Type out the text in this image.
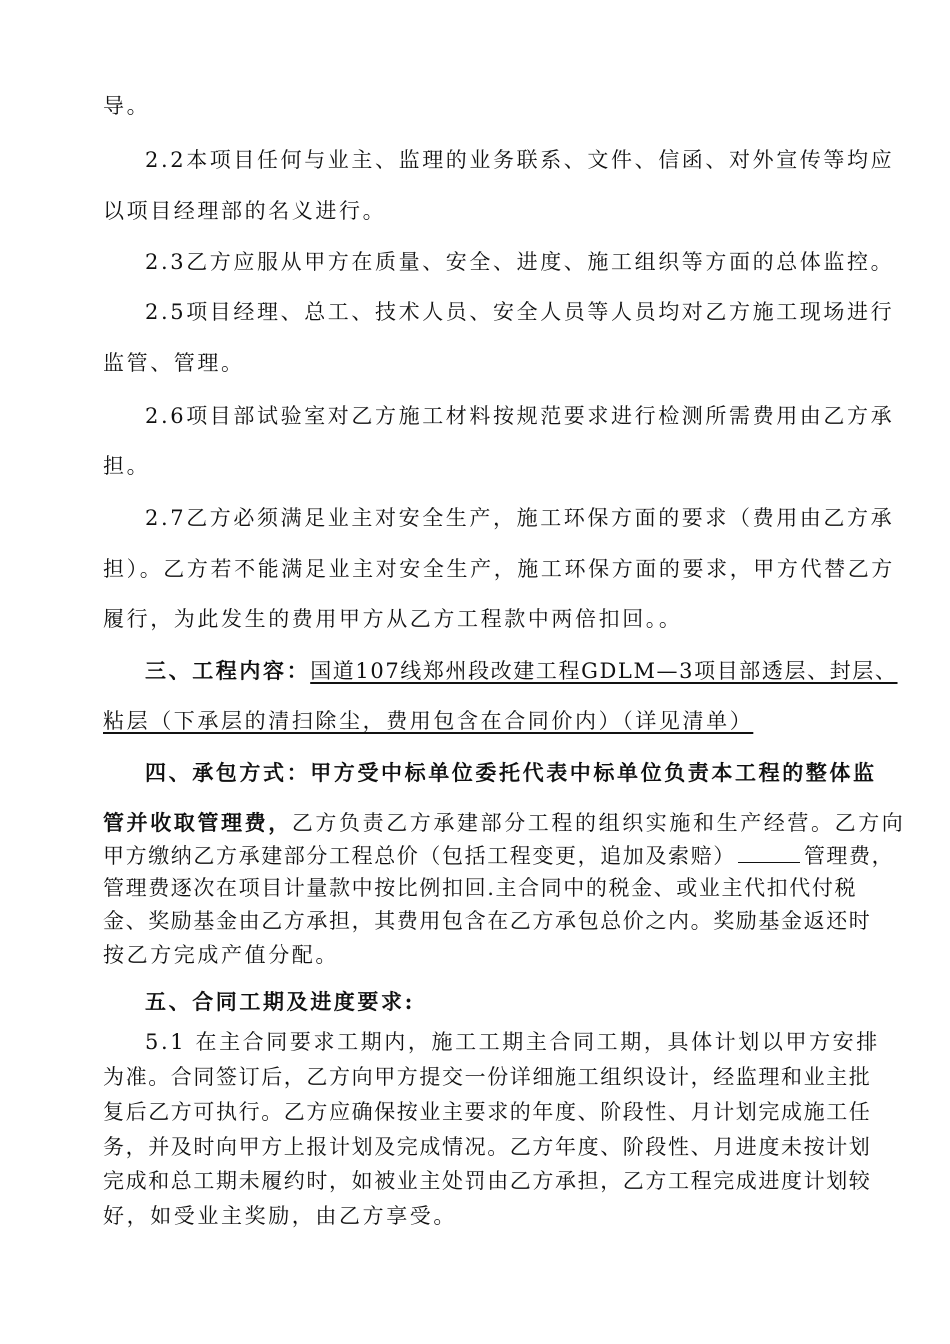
导。
2.2本项目任何与业主、监理的业务联系、文件、信函、对外宣传等均应
以项目经理部的名义进行。
2.3乙方应服从甲方在质量、安全、进度、施工组织等方面的总体监控。
2.5项目经理、总工、技术人员、安全人员等人员均对乙方施工现场进行
监管、管理。
2.6项目部试验室对乙方施工材料按规范要求进行检测所需费用由乙方承
担。
2.7乙方必须满足业主对安全生产，施工环保方面的要求（费用由乙方承
担）。乙方若不能满足业主对安全生产，施工环保方面的要求，甲方代替乙方
履行，为此发生的费用甲方从乙方工程款中两倍扣回。。
三、工程内容：国道107线郑州段改建工程GDLM—3项目部透层、封层、
粘层（下承层的清扫除尘，费用包含在合同价内）（详见清单）
四、承包方式：甲方受中标单位委托代表中标单位负责本工程的整体监
管并收取管理费，乙方负责乙方承建部分工程的组织实施和生产经营。乙方向
甲方缴纳乙方承建部分工程总价（包括工程变更，追加及索赔）	管理费，
管理费逐次在项目计量款中按比例扣回.主合同中的税金、或业主代扣代付税
金、奖励基金由乙方承担，其费用包含在乙方承包总价之内。奖励基金返还时
按乙方完成产值分配。
五、合同工期及进度要求:
5.1 在主合同要求工期内，施工工期主合同工期，具体计划以甲方安排
为准。合同签订后，乙方向甲方提交一份详细施工组织设计，经监理和业主批
复后乙方可执行。乙方应确保按业主要求的年度、阶段性、月计划完成施工任
务，并及时向甲方上报计划及完成情况。乙方年度、阶段性、月进度未按计划
完成和总工期未履约时，如被业主处罚由乙方承担，乙方工程完成进度计划较
好，如受业主奖励，由乙方享受。
